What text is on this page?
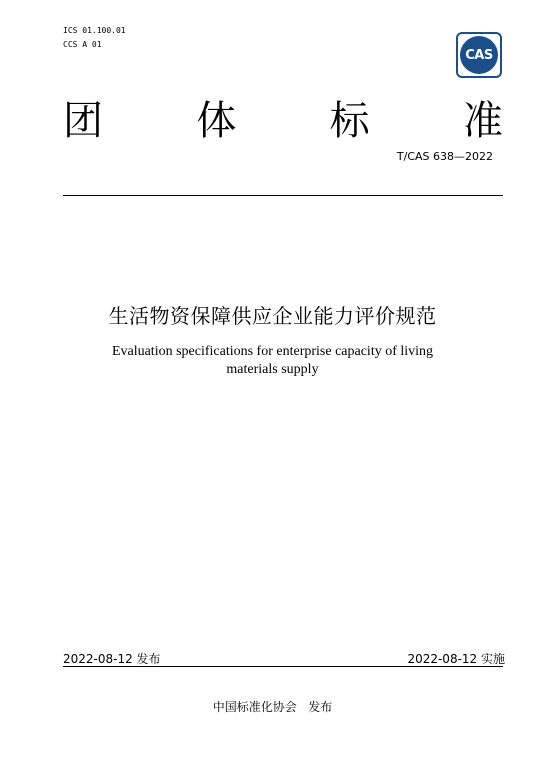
ICS 01.100.01
CCS A 01
CAS
团 体 标 准
T/CAS 638—2022
生活物资保障供应企业能力评价规范
Evaluation specifications for enterprise capacity of living
materials supply
2022-08-12 发布	2022-08-12 实施
中国标准化协会   发布
